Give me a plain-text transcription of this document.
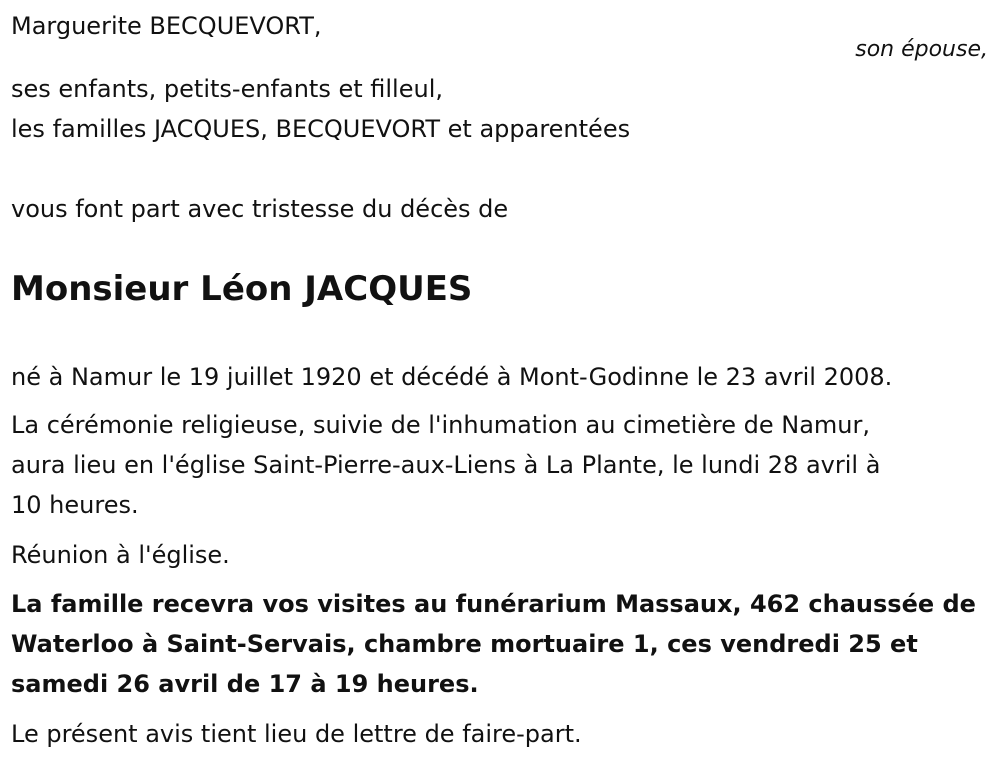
Marguerite BECQUEVORT,
son épouse,
ses enfants, petits-enfants et filleul,
les familles JACQUES, BECQUEVORT et apparentées
vous font part avec tristesse du décès de
Monsieur Léon JACQUES
né à Namur le 19 juillet 1920 et décédé à Mont-Godinne le 23 avril 2008.
La cérémonie religieuse, suivie de l'inhumation au cimetière de Namur,
aura lieu en l'église Saint-Pierre-aux-Liens à La Plante, le lundi 28 avril à
10 heures.
Réunion à l'église.
La famille recevra vos visites au funérarium Massaux, 462 chaussée de
Waterloo à Saint-Servais, chambre mortuaire 1, ces vendredi 25 et
samedi 26 avril de 17 à 19 heures.
Le présent avis tient lieu de lettre de faire-part.
